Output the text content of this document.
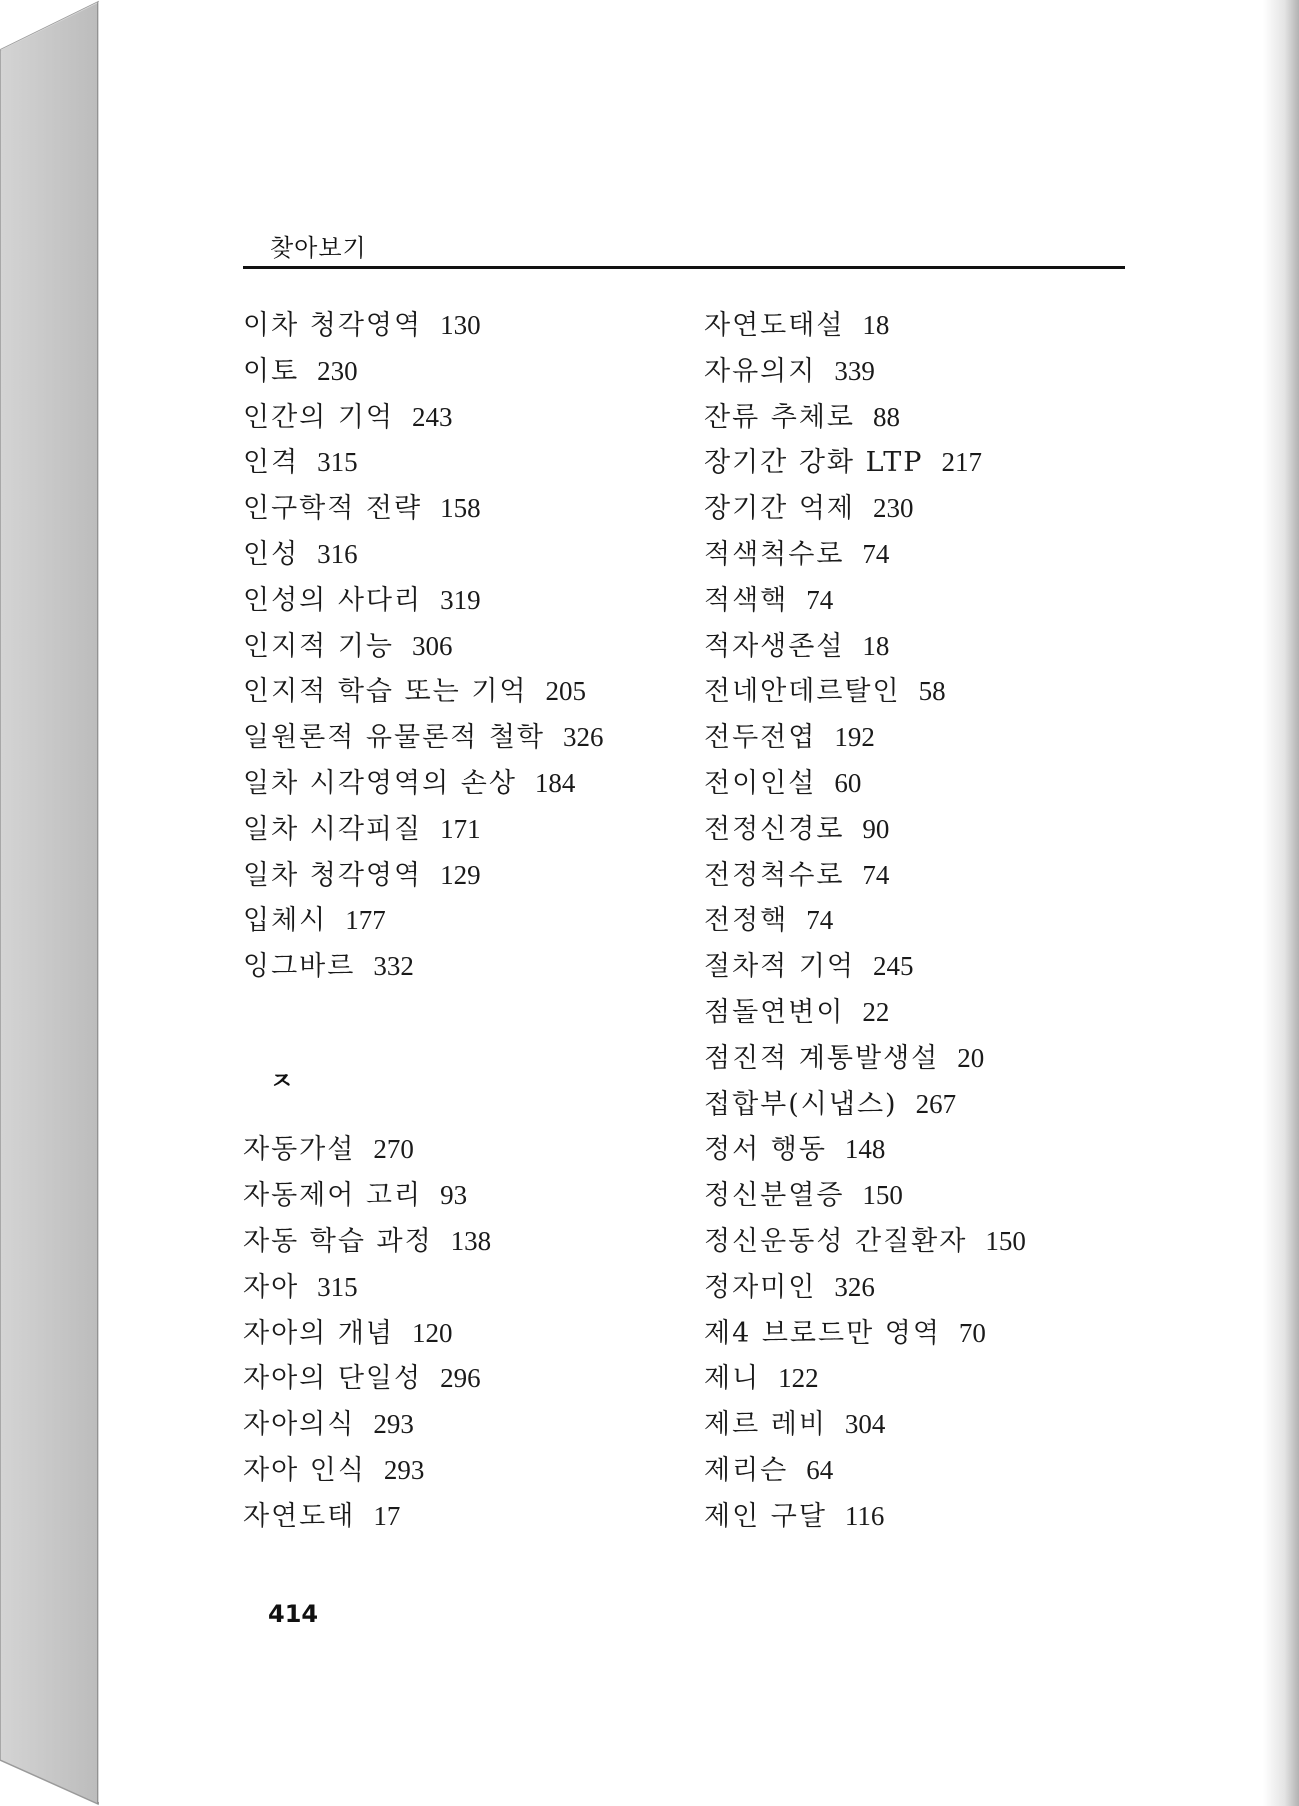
찾아보기
이차 청각영역 130
이토 230
인간의 기억 243
인격 315
인구학적 전략 158
인성 316
인성의 사다리 319
인지적 기능 306
인지적 학습 또는 기억 205
일원론적 유물론적 철학 326
일차 시각영역의 손상 184
일차 시각피질 171
일차 청각영역 129
입체시 177
잉그바르 332
ㅈ
자동가설 270
자동제어 고리 93
자동 학습 과정 138
자아 315
자아의 개념 120
자아의 단일성 296
자아의식 293
자아 인식 293
자연도태 17
자연도태설 18
자유의지 339
잔류 추체로 88
장기간 강화 LTP 217
장기간 억제 230
적색척수로 74
적색핵 74
적자생존설 18
전네안데르탈인 58
전두전엽 192
전이인설 60
전정신경로 90
전정척수로 74
전정핵 74
절차적 기억 245
점돌연변이 22
점진적 계통발생설 20
접합부(시냅스) 267
정서 행동 148
정신분열증 150
정신운동성 간질환자 150
정자미인 326
제4 브로드만 영역 70
제니 122
제르 레비 304
제리슨 64
제인 구달 116
414
